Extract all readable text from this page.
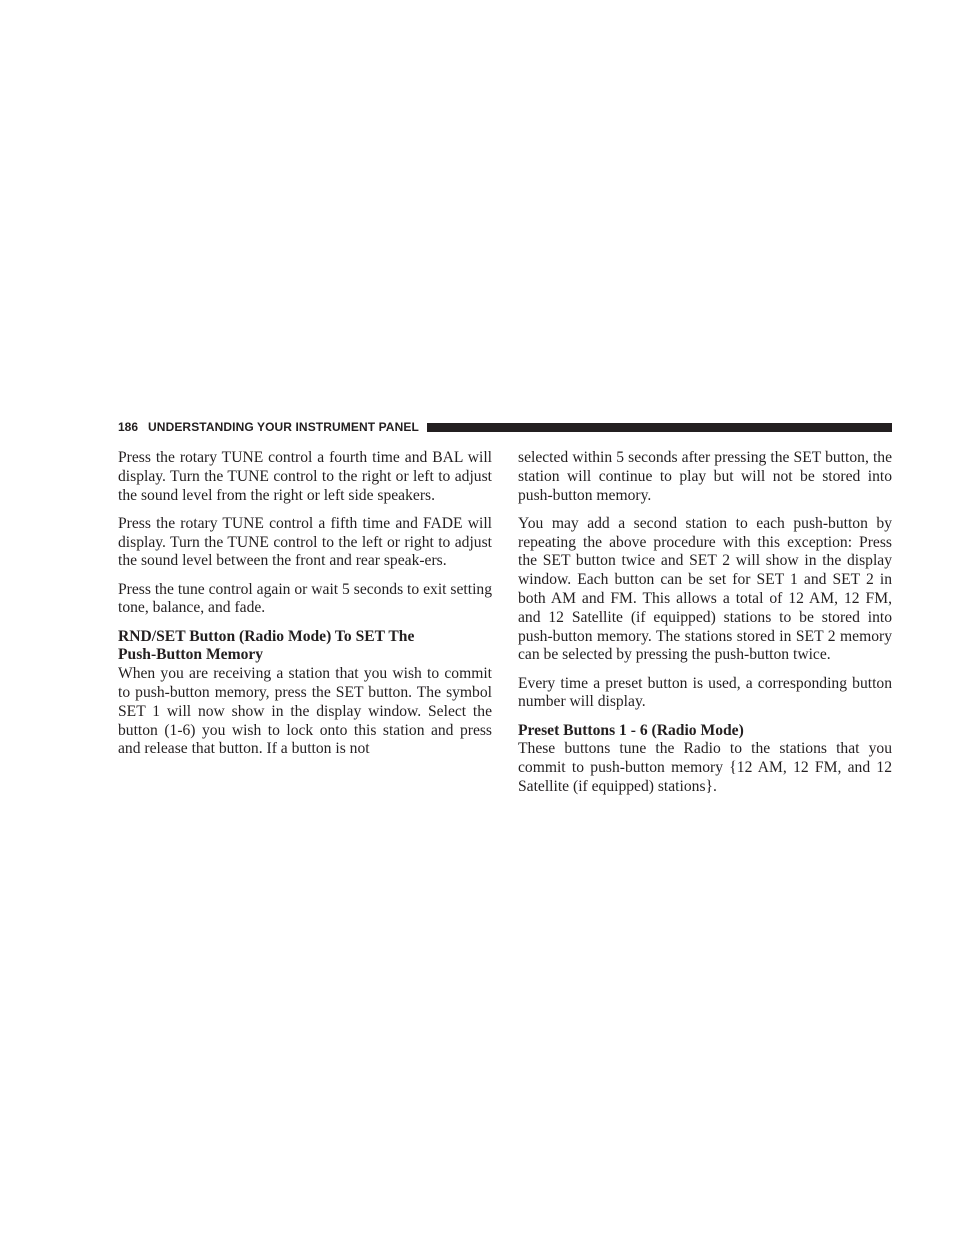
186 UNDERSTANDING YOUR INSTRUMENT PANEL

Press the rotary TUNE control a fourth time and BAL will display. Turn the TUNE control to the right or left to adjust the sound level from the right or left side speakers.

Press the rotary TUNE control a fifth time and FADE will display. Turn the TUNE control to the left or right to adjust the sound level between the front and rear speak-ers.

Press the tune control again or wait 5 seconds to exit setting tone, balance, and fade.

RND/SET Button (Radio Mode) To SET The
Push-Button Memory

When you are receiving a station that you wish to commit to push-button memory, press the SET button. The symbol SET 1 will now show in the display window. Select the button (1-6) you wish to lock onto this station and press and release that button. If a button is not

selected within 5 seconds after pressing the SET button, the station will continue to play but will not be stored into push-button memory.

You may add a second station to each push-button by repeating the above procedure with this exception: Press the SET button twice and SET 2 will show in the display window. Each button can be set for SET 1 and SET 2 in both AM and FM. This allows a total of 12 AM, 12 FM, and 12 Satellite (if equipped) stations to be stored into push-button memory. The stations stored in SET 2 memory can be selected by pressing the push-button twice.

Every time a preset button is used, a corresponding button number will display.

Preset Buttons 1 - 6 (Radio Mode)

These buttons tune the Radio to the stations that you commit to push-button memory {12 AM, 12 FM, and 12 Satellite (if equipped) stations}.
